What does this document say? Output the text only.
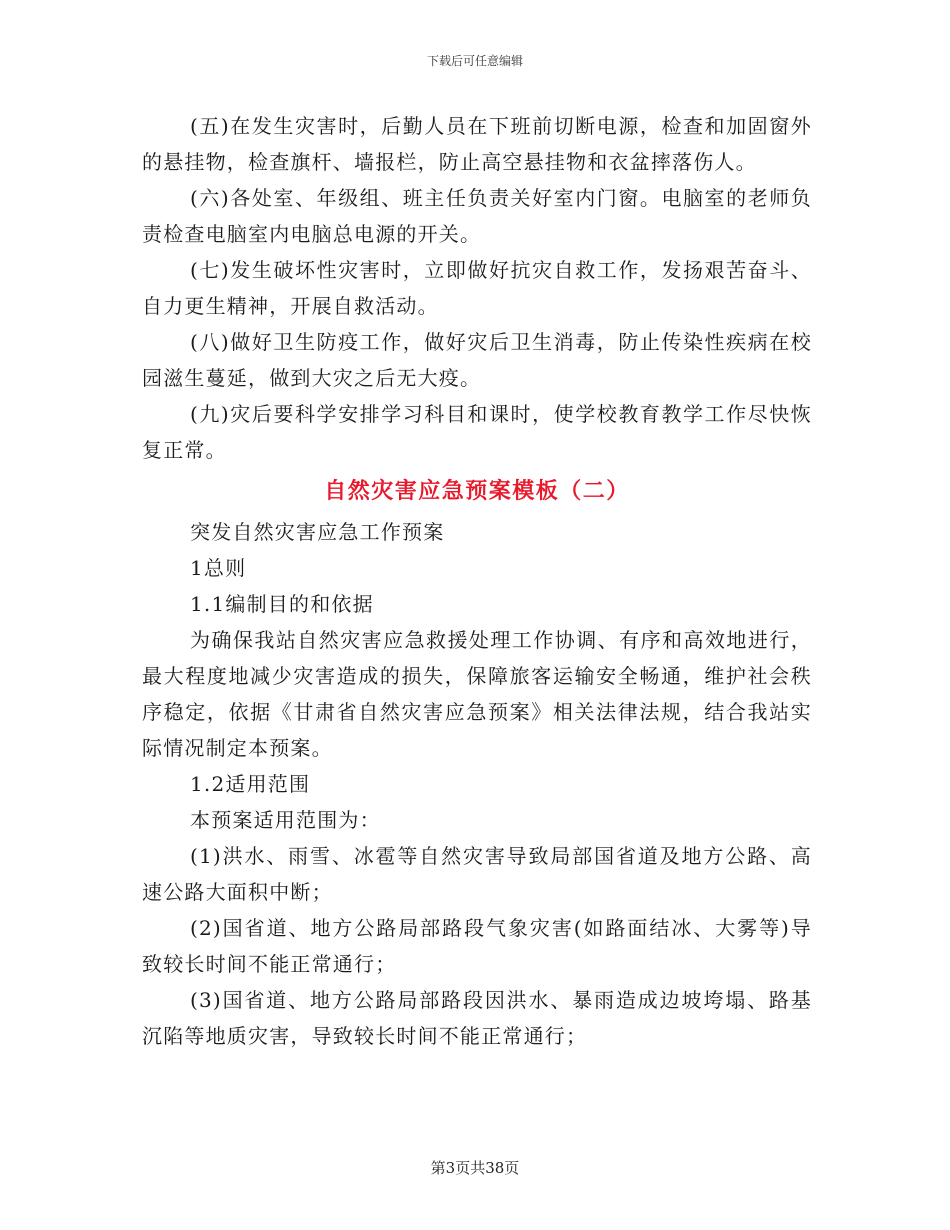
下载后可任意编辑

(五)在发生灾害时，后勤人员在下班前切断电源，检查和加固窗外的悬挂物，检查旗杆、墙报栏，防止高空悬挂物和衣盆摔落伤人。

(六)各处室、年级组、班主任负责关好室内门窗。电脑室的老师负责检查电脑室内电脑总电源的开关。

(七)发生破坏性灾害时，立即做好抗灾自救工作，发扬艰苦奋斗、自力更生精神，开展自救活动。

(八)做好卫生防疫工作，做好灾后卫生消毒，防止传染性疾病在校园滋生蔓延，做到大灾之后无大疫。

(九)灾后要科学安排学习科目和课时，使学校教育教学工作尽快恢复正常。

自然灾害应急预案模板（二）

突发自然灾害应急工作预案

1总则

1.1编制目的和依据

为确保我站自然灾害应急救援处理工作协调、有序和高效地进行，最大程度地减少灾害造成的损失，保障旅客运输安全畅通，维护社会秩序稳定，依据《甘肃省自然灾害应急预案》相关法律法规，结合我站实际情况制定本预案。

1.2适用范围

本预案适用范围为：

(1)洪水、雨雪、冰雹等自然灾害导致局部国省道及地方公路、高速公路大面积中断；

(2)国省道、地方公路局部路段气象灾害(如路面结冰、大雾等)导致较长时间不能正常通行；

(3)国省道、地方公路局部路段因洪水、暴雨造成边坡垮塌、路基沉陷等地质灾害，导致较长时间不能正常通行；

第3页共38页
